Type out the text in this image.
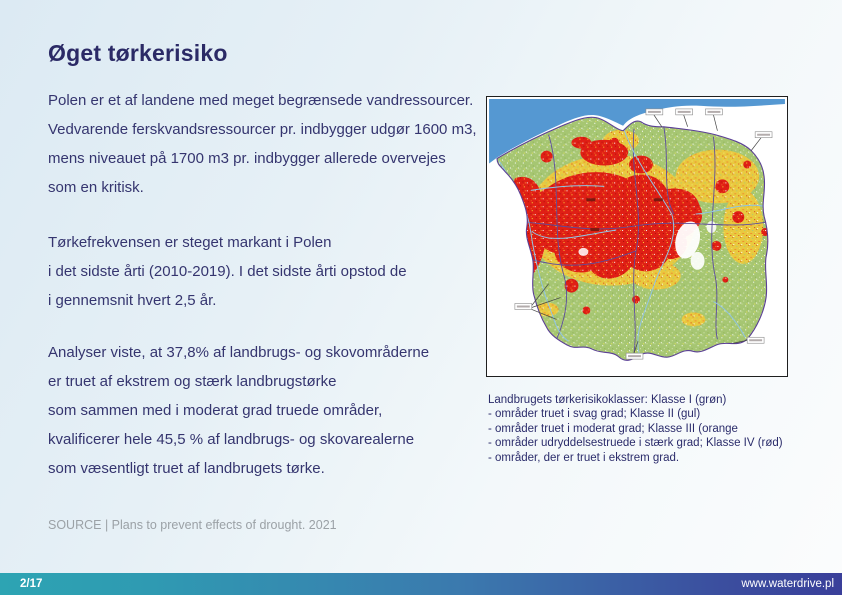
Øget tørkerisiko
Polen er et af landene med meget begrænsede vandressourcer.
Vedvarende ferskvandsressourcer pr. indbygger udgør 1600 m3,
mens niveauet på 1700 m3 pr. indbygger allerede overvejes
som en kritisk.
Tørkefrekvensen er steget markant i Polen
i det sidste årti (2010-2019). I det sidste årti opstod de
i gennemsnit hvert 2,5 år.
Analyser viste, at 37,8% af landbrugs- og skovområderne
er truet af ekstrem og stærk landbrugstørke
som sammen med i moderat grad truede områder,
kvalificerer hele 45,5 % af landbrugs- og skovarealerne
som væsentligt truet af landbrugets tørke.
SOURCE | Plans to prevent effects of drought. 2021
Landbrugets tørkerisikoklasser: Klasse I (grøn)
- områder truet i svag grad; Klasse II (gul)
- områder truet i moderat grad; Klasse III (orange
- områder udryddelsestruede i stærk grad; Klasse IV (rød)
- områder, der er truet i ekstrem grad.
2/17	www.waterdrive.pl
